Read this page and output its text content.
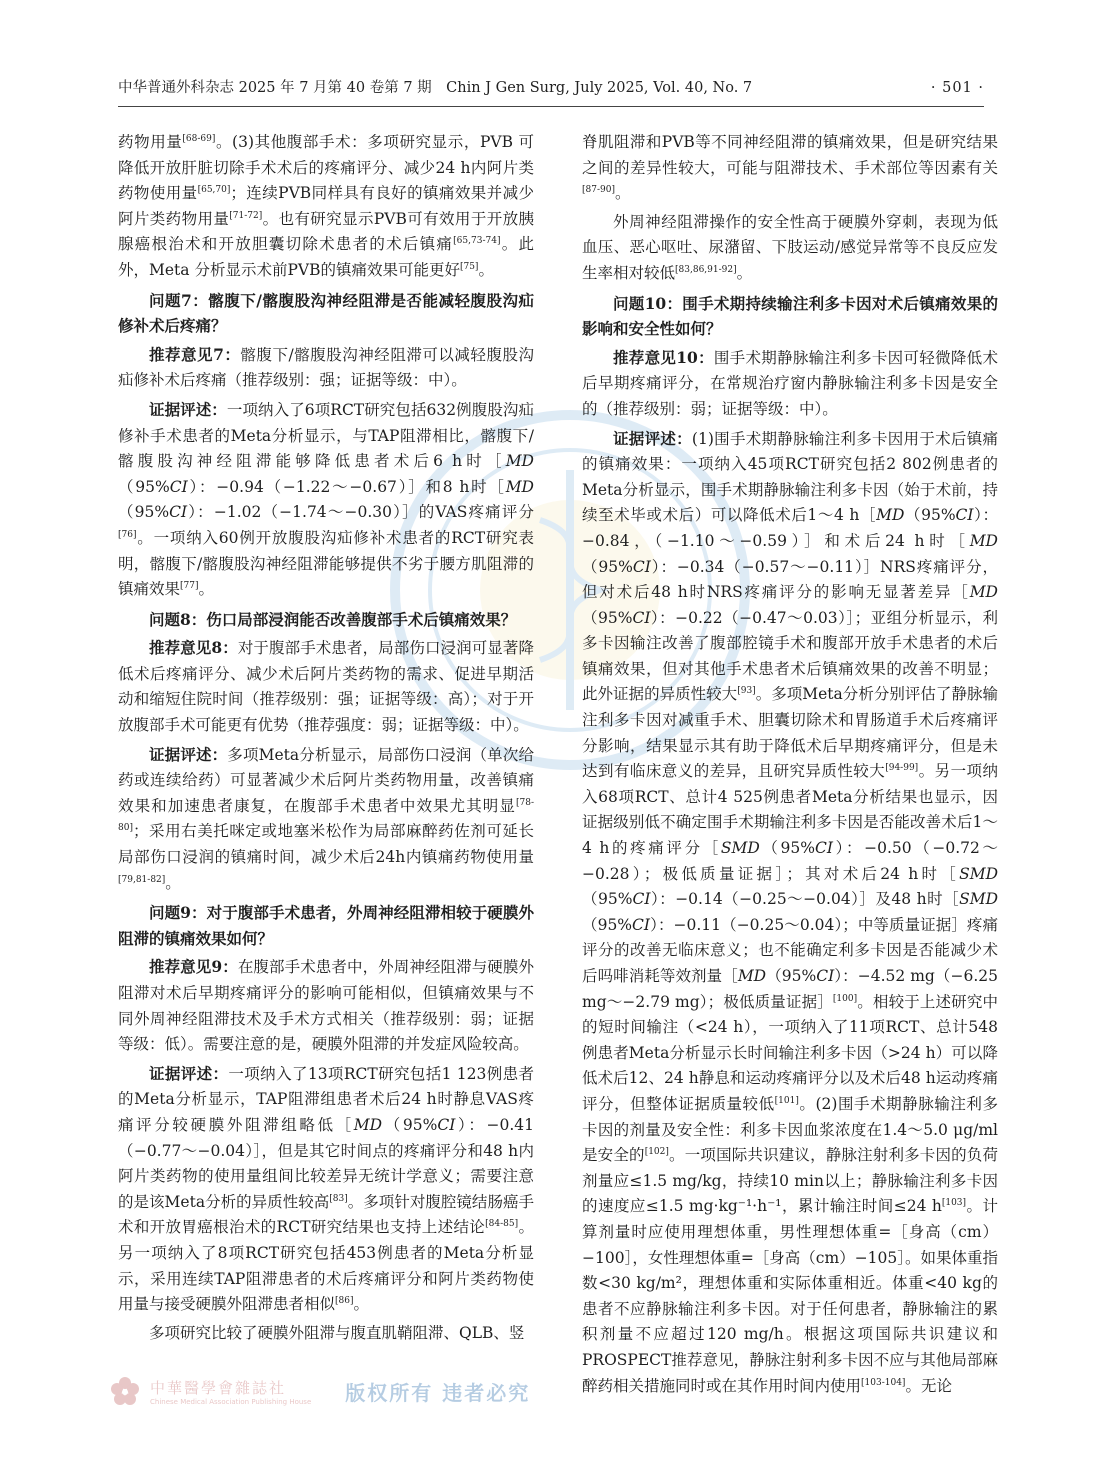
中华普通外科杂志 2025 年 7 月第 40 卷第 7 期　Chin J Gen Surg, July 2025, Vol. 40, No. 7	· 501 ·

药物用量[68-69]。(3)其他腹部手术：多项研究显示，PVB 可降低开放肝脏切除手术术后的疼痛评分、减少24 h内阿片类药物使用量[65,70]；连续PVB同样具有良好的镇痛效果并减少阿片类药物用量[71-72]。也有研究显示PVB可有效用于开放胰腺癌根治术和开放胆囊切除术患者的术后镇痛[65,73-74]。此外，Meta 分析显示术前PVB的镇痛效果可能更好[75]。

问题7：髂腹下/髂腹股沟神经阻滞是否能减轻腹股沟疝修补术后疼痛？

推荐意见7：髂腹下/髂腹股沟神经阻滞可以减轻腹股沟疝修补术后疼痛（推荐级别：强；证据等级：中）。

证据评述：一项纳入了6项RCT研究包括632例腹股沟疝修补手术患者的Meta分析显示，与TAP阻滞相比，髂腹下/髂腹股沟神经阻滞能够降低患者术后6 h时［MD（95%CI）：−0.94（−1.22～−0.67）］和8 h时［MD（95%CI）：−1.02（−1.74～−0.30）］的VAS疼痛评分[76]。一项纳入60例开放腹股沟疝修补术患者的RCT研究表明，髂腹下/髂腹股沟神经阻滞能够提供不劣于腰方肌阻滞的镇痛效果[77]。

问题8：伤口局部浸润能否改善腹部手术后镇痛效果？

推荐意见8：对于腹部手术患者，局部伤口浸润可显著降低术后疼痛评分、减少术后阿片类药物的需求、促进早期活动和缩短住院时间（推荐级别：强；证据等级：高）；对于开放腹部手术可能更有优势（推荐强度：弱；证据等级：中）。

证据评述：多项Meta分析显示，局部伤口浸润（单次给药或连续给药）可显著减少术后阿片类药物用量，改善镇痛效果和加速患者康复，在腹部手术患者中效果尤其明显[78-80]；采用右美托咪定或地塞米松作为局部麻醉药佐剂可延长局部伤口浸润的镇痛时间，减少术后24h内镇痛药物使用量[79,81-82]。

问题9：对于腹部手术患者，外周神经阻滞相较于硬膜外阻滞的镇痛效果如何？

推荐意见9：在腹部手术患者中，外周神经阻滞与硬膜外阻滞对术后早期疼痛评分的影响可能相似，但镇痛效果与不同外周神经阻滞技术及手术方式相关（推荐级别：弱；证据等级：低）。需要注意的是，硬膜外阻滞的并发症风险较高。

证据评述：一项纳入了13项RCT研究包括1 123例患者的Meta分析显示，TAP阻滞组患者术后24 h时静息VAS疼痛评分较硬膜外阻滞组略低［MD（95%CI）：−0.41（−0.77～−0.04）］，但是其它时间点的疼痛评分和48 h内阿片类药物的使用量组间比较差异无统计学意义；需要注意的是该Meta分析的异质性较高[83]。多项针对腹腔镜结肠癌手术和开放胃癌根治术的RCT研究结果也支持上述结论[84-85]。另一项纳入了8项RCT研究包括453例患者的Meta分析显示，采用连续TAP阻滞患者的术后疼痛评分和阿片类药物使用量与接受硬膜外阻滞患者相似[86]。

多项研究比较了硬膜外阻滞与腹直肌鞘阻滞、QLB、竖

脊肌阻滞和PVB等不同神经阻滞的镇痛效果，但是研究结果之间的差异性较大，可能与阻滞技术、手术部位等因素有关[87-90]。

外周神经阻滞操作的安全性高于硬膜外穿刺，表现为低血压、恶心呕吐、尿潴留、下肢运动/感觉异常等不良反应发生率相对较低[83,86,91-92]。

问题10：围手术期持续输注利多卡因对术后镇痛效果的影响和安全性如何？

推荐意见10：围手术期静脉输注利多卡因可轻微降低术后早期疼痛评分，在常规治疗窗内静脉输注利多卡因是安全的（推荐级别：弱；证据等级：中）。

证据评述：(1)围手术期静脉输注利多卡因用于术后镇痛的镇痛效果：一项纳入45项RCT研究包括2 802例患者的Meta分析显示，围手术期静脉输注利多卡因（始于术前，持续至术毕或术后）可以降低术后1～4 h［MD（95%CI）：−0.84，（−1.10～−0.59）］和术后24 h时［MD（95%CI）：−0.34（−0.57～−0.11）］NRS疼痛评分，但对术后48 h时NRS疼痛评分的影响无显著差异［MD（95%CI）：−0.22（−0.47～0.03）］；亚组分析显示，利多卡因输注改善了腹部腔镜手术和腹部开放手术患者的术后镇痛效果，但对其他手术患者术后镇痛效果的改善不明显；此外证据的异质性较大[93]。多项Meta分析分别评估了静脉输注利多卡因对减重手术、胆囊切除术和胃肠道手术后疼痛评分影响，结果显示其有助于降低术后早期疼痛评分，但是未达到有临床意义的差异，且研究异质性较大[94-99]。另一项纳入68项RCT、总计4 525例患者Meta分析结果也显示，因证据级别低不确定围手术期输注利多卡因是否能改善术后1～4 h的疼痛评分［SMD（95%CI）：−0.50（−0.72～−0.28）；极低质量证据］；其对术后24 h时［SMD（95%CI）：−0.14（−0.25～−0.04）］及48 h时［SMD（95%CI）：−0.11（−0.25～0.04）；中等质量证据］疼痛评分的改善无临床意义；也不能确定利多卡因是否能减少术后吗啡消耗等效剂量［MD（95%CI）：−4.52 mg（−6.25 mg～−2.79 mg）；极低质量证据］[100]。相较于上述研究中的短时间输注（<24 h），一项纳入了11项RCT、总计548例患者Meta分析显示长时间输注利多卡因（>24 h）可以降低术后12、24 h静息和运动疼痛评分以及术后48 h运动疼痛评分，但整体证据质量较低[101]。(2)围手术期静脉输注利多卡因的剂量及安全性：利多卡因血浆浓度在1.4～5.0 μg/ml是安全的[102]。一项国际共识建议，静脉注射利多卡因的负荷剂量应≤1.5 mg/kg，持续10 min以上；静脉输注利多卡因的速度应≤1.5 mg·kg⁻¹·h⁻¹，累计输注时间≤24 h[103]。计算剂量时应使用理想体重，男性理想体重=［身高（cm）−100］，女性理想体重=［身高（cm）−105］。如果体重指数<30 kg/m²，理想体重和实际体重相近。体重<40 kg的患者不应静脉输注利多卡因。对于任何患者，静脉输注的累积剂量不应超过120 mg/h。根据这项国际共识建议和PROSPECT推荐意见，静脉注射利多卡因不应与其他局部麻醉药相关措施同时或在其作用时间内使用[103-104]。无论

中華醫學會雜誌社
Chinese Medical Association Publishing House 版权所有 违者必究
